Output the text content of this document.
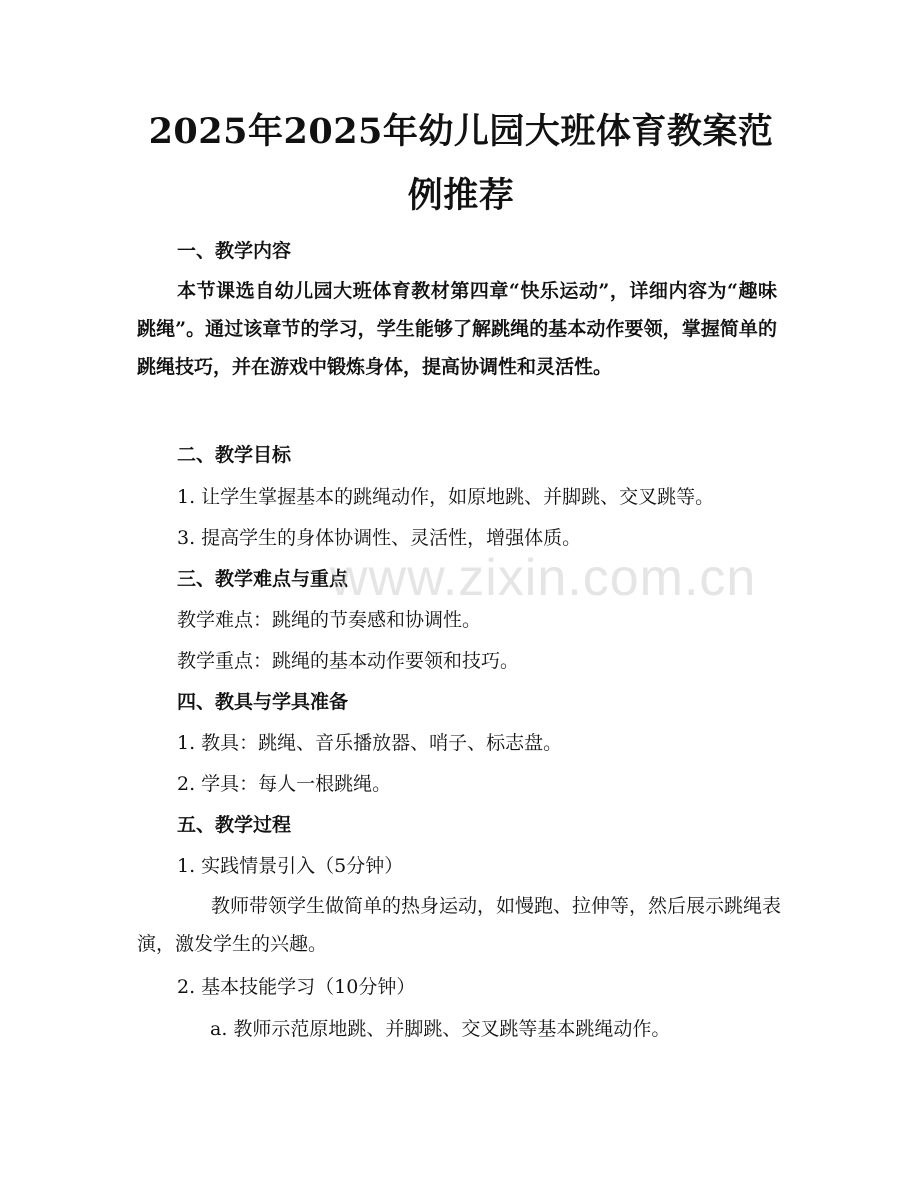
2025年2025年幼儿园大班体育教案范例推荐
一、教学内容
本节课选自幼儿园大班体育教材第四章“快乐运动”，详细内容为“趣味跳绳”。通过该章节的学习，学生能够了解跳绳的基本动作要领，掌握简单的跳绳技巧，并在游戏中锻炼身体，提高协调性和灵活性。
二、教学目标
1. 让学生掌握基本的跳绳动作，如原地跳、并脚跳、交叉跳等。
3. 提高学生的身体协调性、灵活性，增强体质。
三、教学难点与重点
教学难点：跳绳的节奏感和协调性。
教学重点：跳绳的基本动作要领和技巧。
四、教具与学具准备
1. 教具：跳绳、音乐播放器、哨子、标志盘。
2. 学具：每人一根跳绳。
五、教学过程
1. 实践情景引入（5分钟）
教师带领学生做简单的热身运动，如慢跑、拉伸等，然后展示跳绳表演，激发学生的兴趣。
2. 基本技能学习（10分钟）
a. 教师示范原地跳、并脚跳、交叉跳等基本跳绳动作。
www.zixin.com.cn
